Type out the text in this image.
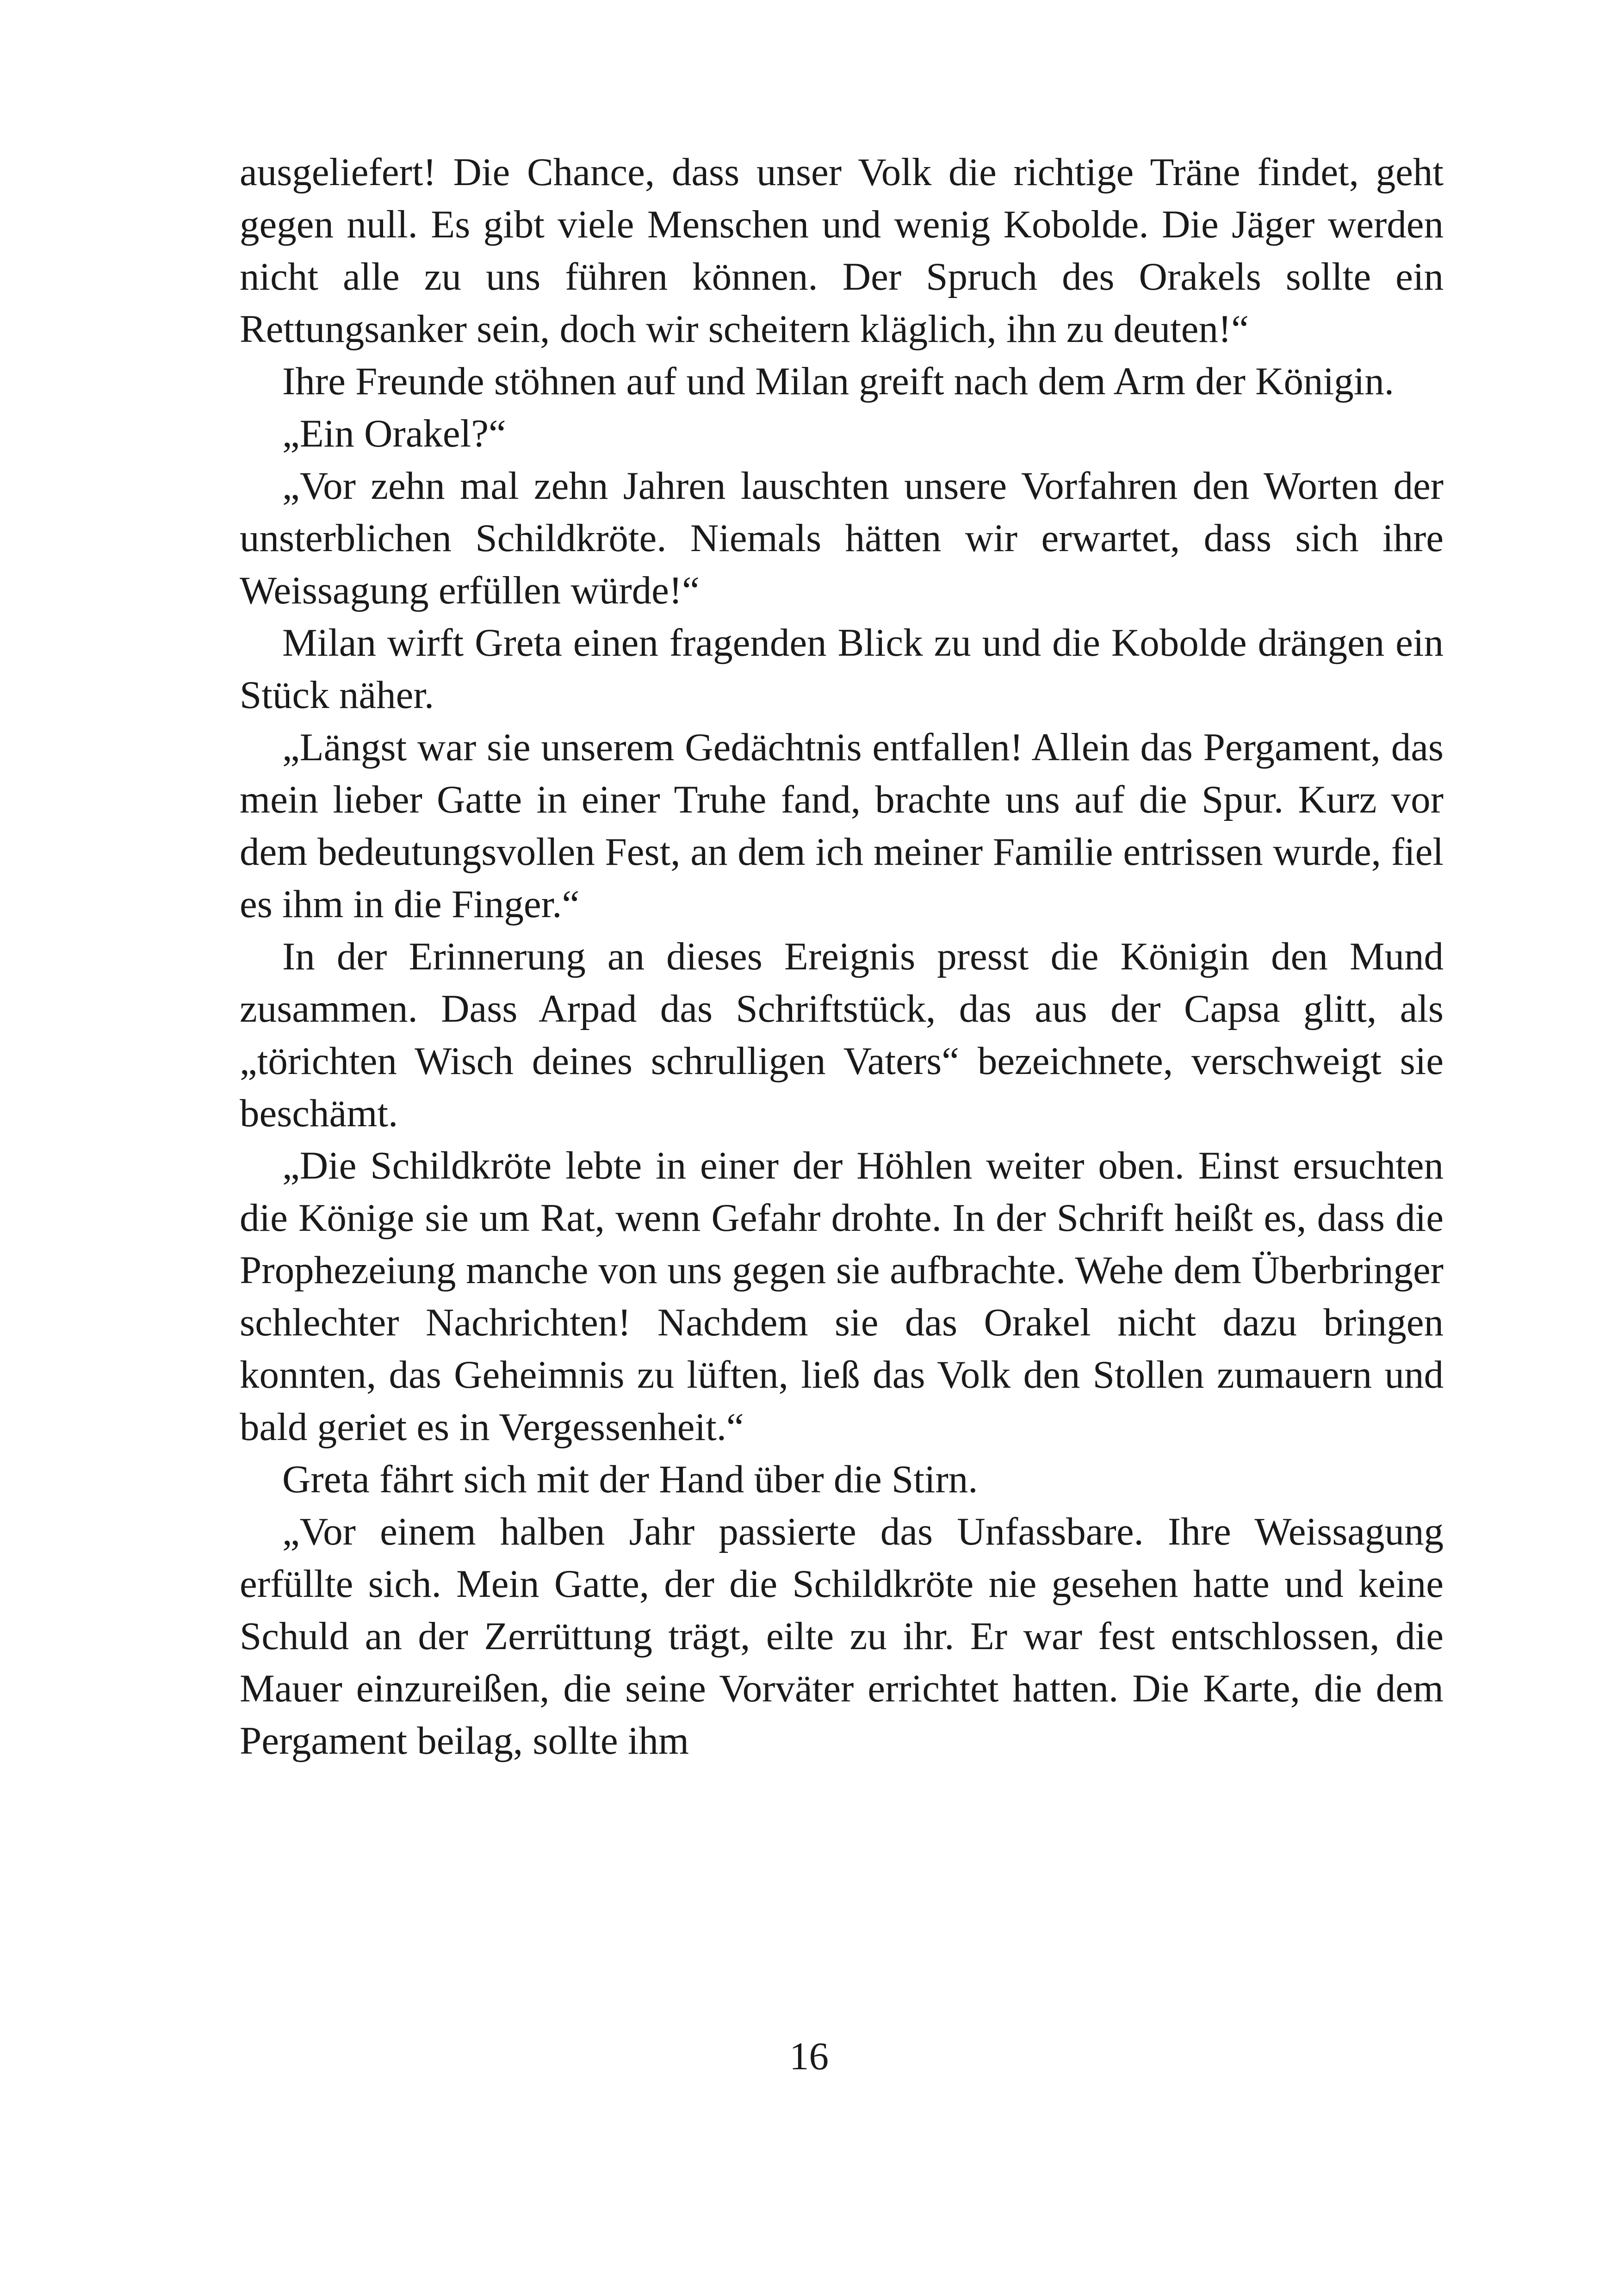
ausgeliefert! Die Chance, dass unser Volk die richtige Träne findet, geht gegen null. Es gibt viele Menschen und wenig Kobolde. Die Jäger werden nicht alle zu uns führen können. Der Spruch des Orakels sollte ein Rettungsanker sein, doch wir scheitern kläglich, ihn zu deuten!“

Ihre Freunde stöhnen auf und Milan greift nach dem Arm der Königin.

„Ein Orakel?“

„Vor zehn mal zehn Jahren lauschten unsere Vorfahren den Worten der unsterblichen Schildkröte. Niemals hätten wir erwartet, dass sich ihre Weissagung erfüllen würde!“

Milan wirft Greta einen fragenden Blick zu und die Kobolde drängen ein Stück näher.

„Längst war sie unserem Gedächtnis entfallen! Allein das Pergament, das mein lieber Gatte in einer Truhe fand, brachte uns auf die Spur. Kurz vor dem bedeutungsvollen Fest, an dem ich meiner Familie entrissen wurde, fiel es ihm in die Finger.“

In der Erinnerung an dieses Ereignis presst die Königin den Mund zusammen. Dass Arpad das Schriftstück, das aus der Capsa glitt, als „törichten Wisch deines schrulligen Vaters“ bezeichnete, verschweigt sie beschämt.

„Die Schildkröte lebte in einer der Höhlen weiter oben. Einst ersuchten die Könige sie um Rat, wenn Gefahr drohte. In der Schrift heißt es, dass die Prophezeiung manche von uns gegen sie aufbrachte. Wehe dem Überbringer schlechter Nachrichten! Nachdem sie das Orakel nicht dazu bringen konnten, das Geheimnis zu lüften, ließ das Volk den Stollen zumauern und bald geriet es in Vergessenheit.“

Greta fährt sich mit der Hand über die Stirn.

„Vor einem halben Jahr passierte das Unfassbare. Ihre Weissagung erfüllte sich. Mein Gatte, der die Schildkröte nie gesehen hatte und keine Schuld an der Zerrüttung trägt, eilte zu ihr. Er war fest entschlossen, die Mauer einzureißen, die seine Vorväter errichtet hatten. Die Karte, die dem Pergament beilag, sollte ihm

16
